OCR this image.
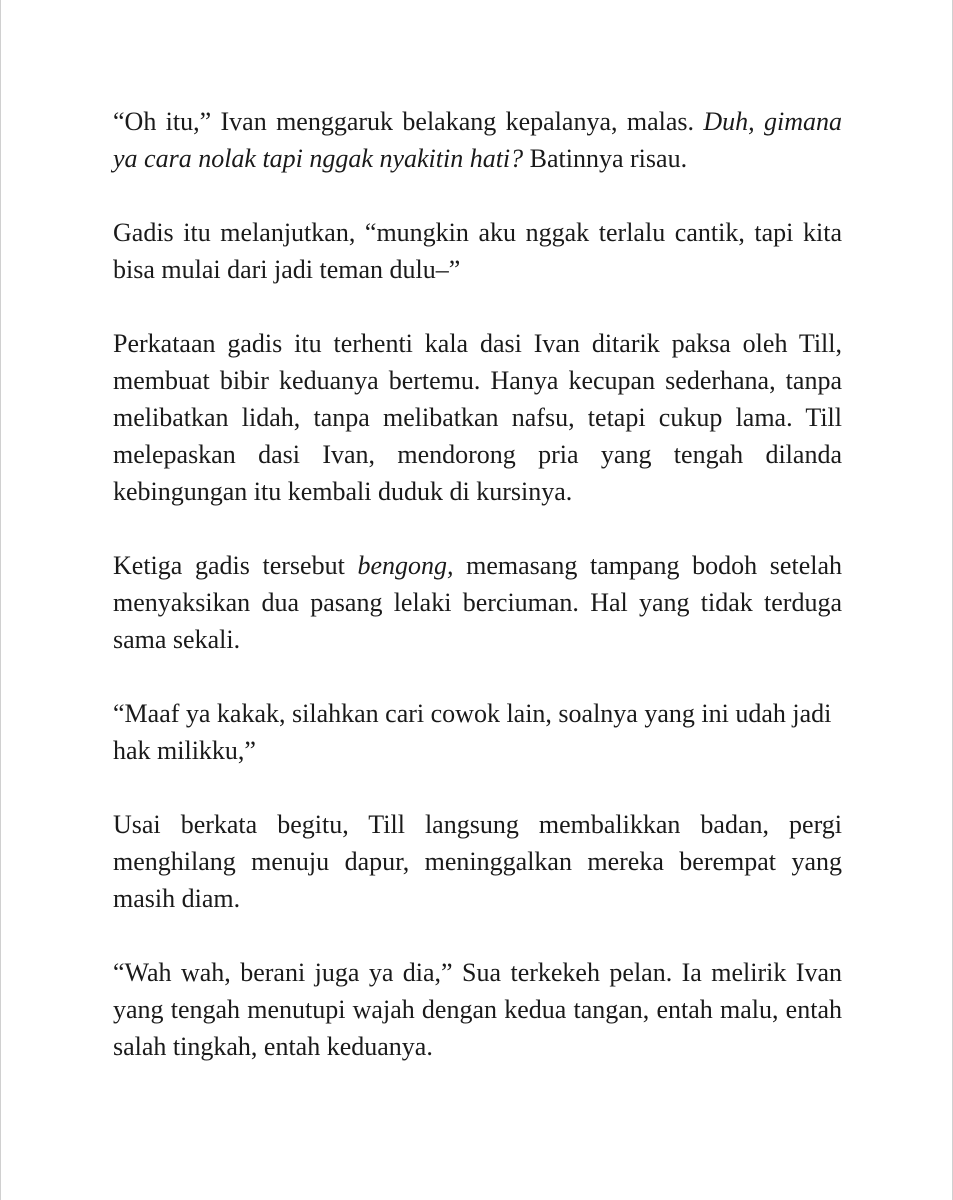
“Oh itu,” Ivan menggaruk belakang kepalanya, malas. Duh, gimana ya cara nolak tapi nggak nyakitin hati? Batinnya risau.

Gadis itu melanjutkan, “mungkin aku nggak terlalu cantik, tapi kita bisa mulai dari jadi teman dulu–”

Perkataan gadis itu terhenti kala dasi Ivan ditarik paksa oleh Till, membuat bibir keduanya bertemu. Hanya kecupan sederhana, tanpa melibatkan lidah, tanpa melibatkan nafsu, tetapi cukup lama. Till melepaskan dasi Ivan, mendorong pria yang tengah dilanda kebingungan itu kembali duduk di kursinya.

Ketiga gadis tersebut bengong, memasang tampang bodoh setelah menyaksikan dua pasang lelaki berciuman. Hal yang tidak terduga sama sekali.

“Maaf ya kakak, silahkan cari cowok lain, soalnya yang ini udah jadi hak milikku,”

Usai berkata begitu, Till langsung membalikkan badan, pergi menghilang menuju dapur, meninggalkan mereka berempat yang masih diam.

“Wah wah, berani juga ya dia,” Sua terkekeh pelan. Ia melirik Ivan yang tengah menutupi wajah dengan kedua tangan, entah malu, entah salah tingkah, entah keduanya.
